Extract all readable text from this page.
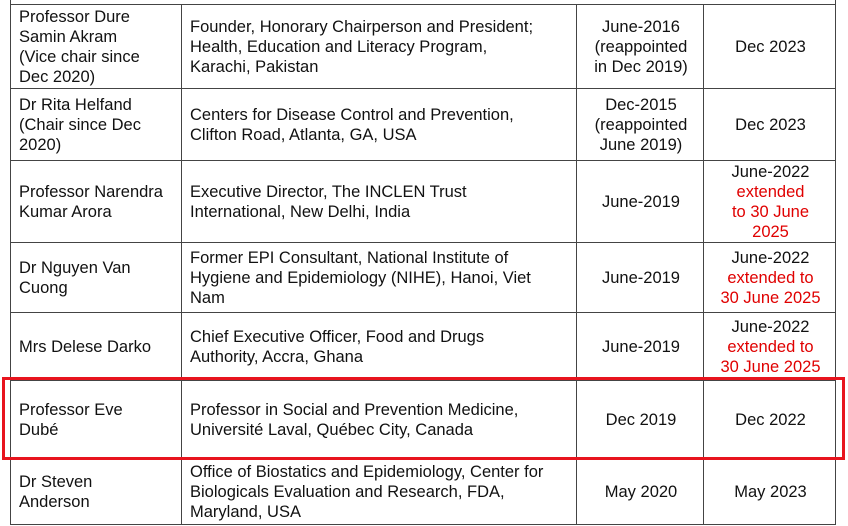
Professor Dure
Samin Akram
(Vice chair since
Dec 2020)	Founder, Honorary Chairperson and President;
Health, Education and Literacy Program,
Karachi, Pakistan	June-2016
(reappointed
in Dec 2019)	Dec 2023

Dr Rita Helfand
(Chair since Dec
2020)	Centers for Disease Control and Prevention,
Clifton Road, Atlanta, GA, USA	Dec-2015
(reappointed
June 2019)	Dec 2023

Professor Narendra
Kumar Arora	Executive Director, The INCLEN Trust
International, New Delhi, India	June-2019	June-2022
extended
to 30 June
2025

Dr Nguyen Van
Cuong	Former EPI Consultant, National Institute of
Hygiene and Epidemiology (NIHE), Hanoi, Viet
Nam	June-2019	June-2022
extended to
30 June 2025

Mrs Delese Darko	Chief Executive Officer, Food and Drugs
Authority, Accra, Ghana	June-2019	June-2022
extended to
30 June 2025

Professor Eve
Dubé	Professor in Social and Prevention Medicine,
Université Laval, Québec City, Canada	Dec 2019	Dec 2022

Dr Steven
Anderson	Office of Biostatics and Epidemiology, Center for
Biologicals Evaluation and Research, FDA,
Maryland, USA	May 2020	May 2023
